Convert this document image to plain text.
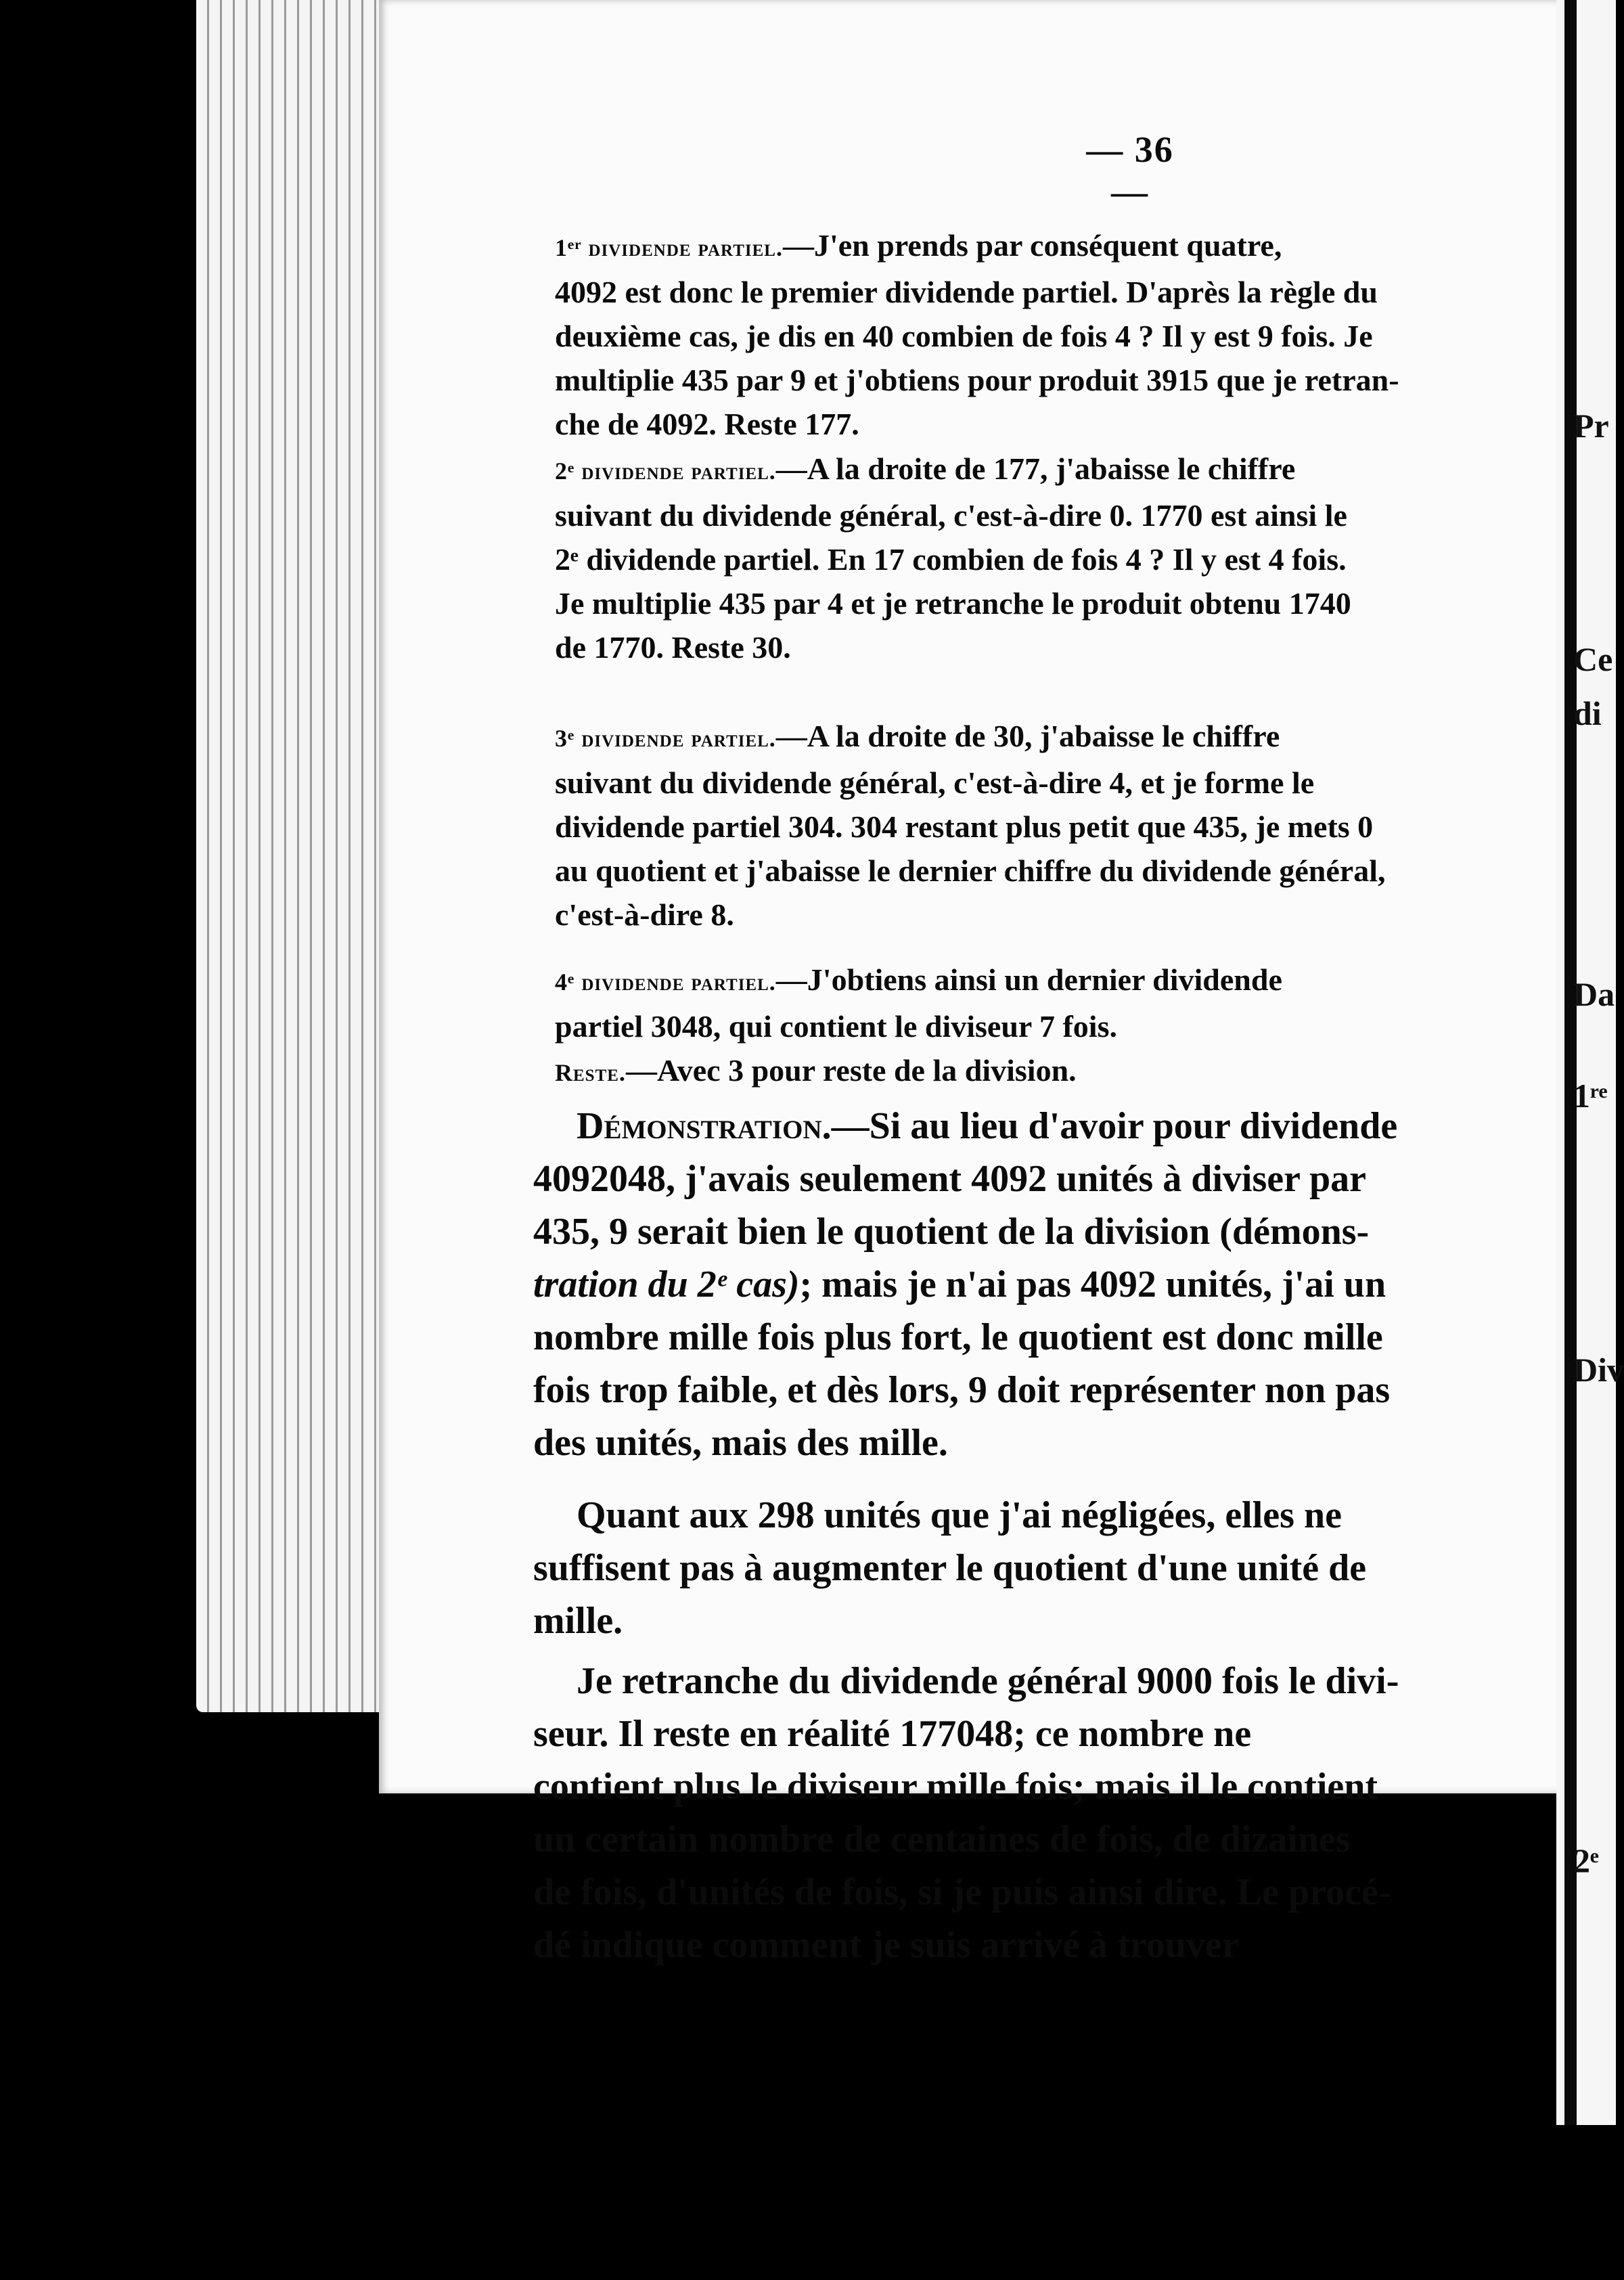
Pr
Ce
di
Da
1ʳᵉ
Div
2ᵉ
— 36 —

1ᵉʳ dividende partiel.—J'en prends par conséquent quatre,

4092 est donc le premier dividende partiel. D'après la règle du

deuxième cas, je dis en 40 combien de fois 4 ? Il y est 9 fois. Je

multiplie 435 par 9 et j'obtiens pour produit 3915 que je retran-

che de 4092. Reste 177.

2ᵉ dividende partiel.—A la droite de 177, j'abaisse le chiffre

suivant du dividende général, c'est-à-dire 0. 1770 est ainsi le

2ᵉ dividende partiel. En 17 combien de fois 4 ? Il y est 4 fois.

Je multiplie 435 par 4 et je retranche le produit obtenu 1740

de 1770. Reste 30.

3ᵉ dividende partiel.—A la droite de 30, j'abaisse le chiffre

suivant du dividende général, c'est-à-dire 4, et je forme le

dividende partiel 304. 304 restant plus petit que 435, je mets 0

au quotient et j'abaisse le dernier chiffre du dividende général,

c'est-à-dire 8.

4ᵉ dividende partiel.—J'obtiens ainsi un dernier dividende

partiel 3048, qui contient le diviseur 7 fois.

Reste.—Avec 3 pour reste de la division.

Démonstration.—Si au lieu d'avoir pour dividende

4092048, j'avais seulement 4092 unités à diviser par

435, 9 serait bien le quotient de la division (démons-

tration du 2ᵉ cas); mais je n'ai pas 4092 unités, j'ai un

nombre mille fois plus fort, le quotient est donc mille

fois trop faible, et dès lors, 9 doit représenter non pas

des unités, mais des mille.

Quant aux 298 unités que j'ai négligées, elles ne

suffisent pas à augmenter le quotient d'une unité de

mille.

Je retranche du dividende général 9000 fois le divi-

seur. Il reste en réalité 177048; ce nombre ne

contient plus le diviseur mille fois; mais il le contient

un certain nombre de centaines de fois, de dizaines

de fois, d'unités de fois, si je puis ainsi dire. Le procé-

dé indique comment je suis arrivé à trouver
